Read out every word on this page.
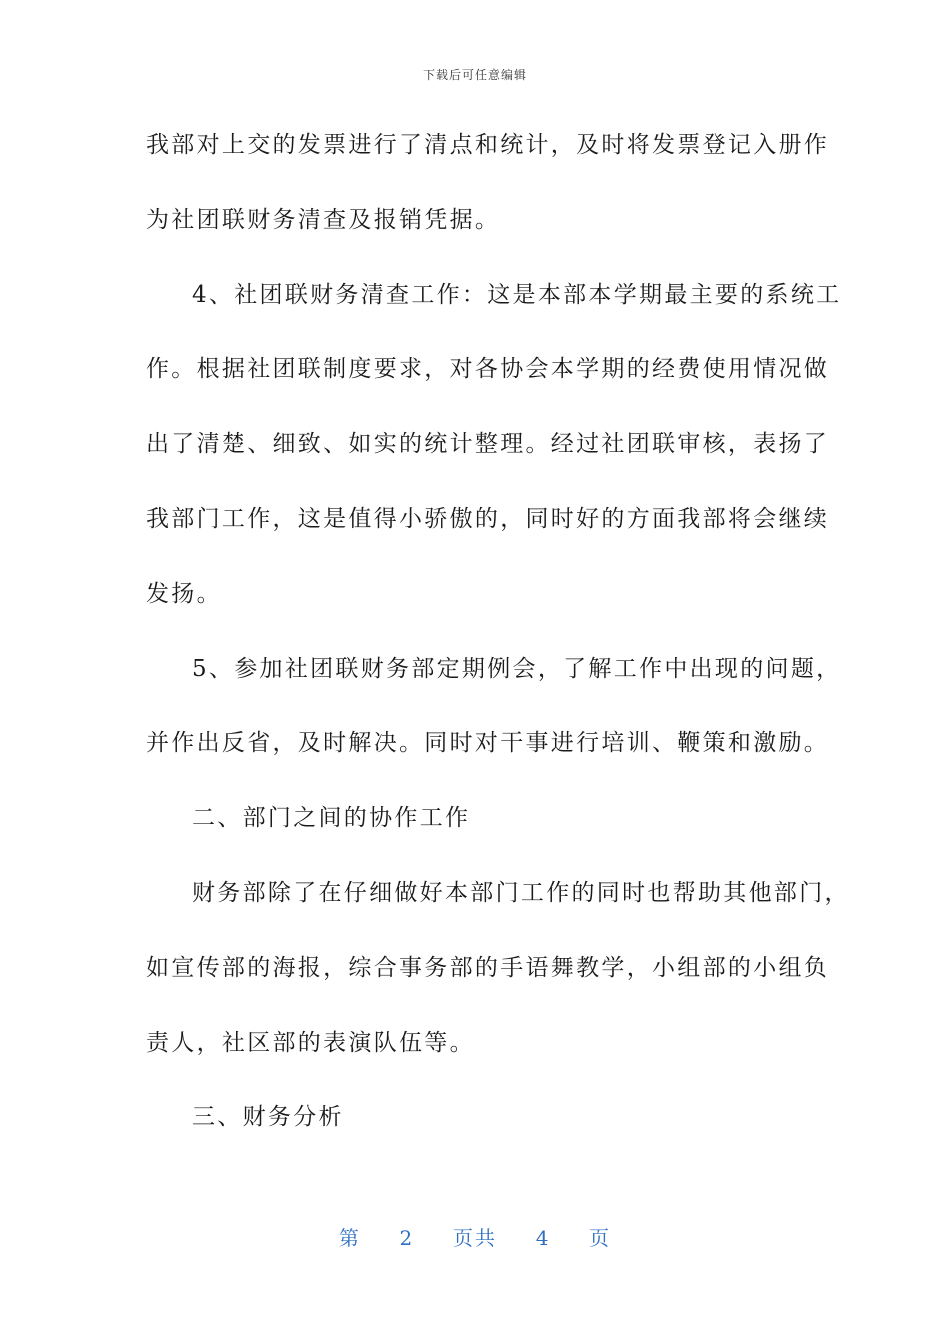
下载后可任意编辑
我部对上交的发票进行了清点和统计，及时将发票登记入册作
为社团联财务清查及报销凭据。
4、社团联财务清查工作：这是本部本学期最主要的系统工
作。根据社团联制度要求，对各协会本学期的经费使用情况做
出了清楚、细致、如实的统计整理。经过社团联审核，表扬了
我部门工作，这是值得小骄傲的，同时好的方面我部将会继续
发扬。
5、参加社团联财务部定期例会，了解工作中出现的问题，
并作出反省，及时解决。同时对干事进行培训、鞭策和激励。
二、部门之间的协作工作
财务部除了在仔细做好本部门工作的同时也帮助其他部门，
如宣传部的海报，综合事务部的手语舞教学，小组部的小组负
责人，社区部的表演队伍等。
三、财务分析
第 2 页共 4 页
